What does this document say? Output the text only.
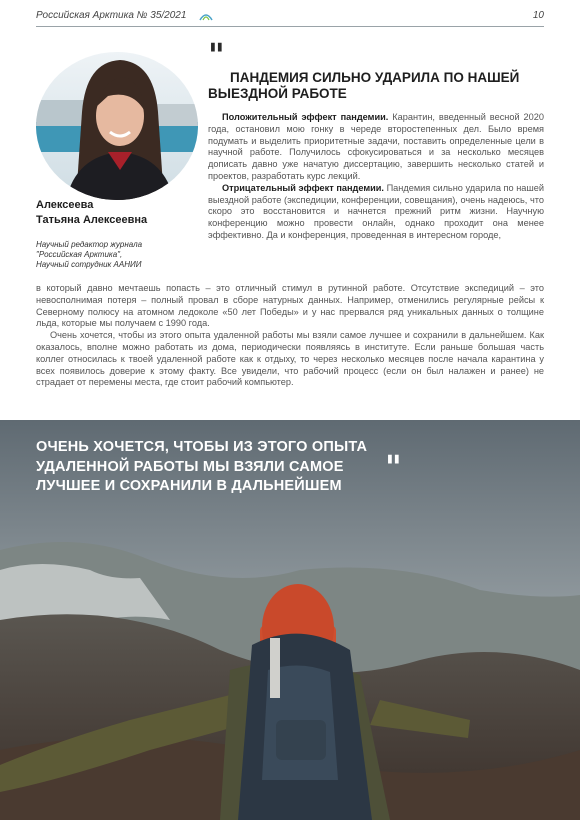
Российская Арктика № 35/2021	10
Алексеева
Татьяна Алексеевна
Научный редактор журнала
"Российская Арктика",
Научный сотрудник ААНИИ
"
ПАНДЕМИЯ СИЛЬНО УДАРИЛА ПО НАШЕЙ ВЫЕЗДНОЙ РАБОТЕ

Положительный эффект пандемии. Карантин, введенный весной 2020 года, остановил мою гонку в череде второстепенных дел. Было время подумать и выделить приоритетные задачи, поставить определенные цели в научной работе. Получилось сфокусироваться и за несколько месяцев дописать давно уже начатую диссертацию, завершить несколько статей и проектов, разработать курс лекций.

Отрицательный эффект пандемии. Пандемия сильно ударила по нашей выездной работе (экспедиции, конференции, совещания), очень надеюсь, что скоро это восстановится и начнется прежний ритм жизни. Научную конференцию можно провести онлайн, однако проходит она менее эффективно. Да и конференция, проведенная в интересном городе,

в который давно мечтаешь попасть – это отличный стимул в рутинной работе. Отсутствие экспедиций – это невосполнимая потеря – полный провал в сборе натурных данных. Например, отменились регулярные рейсы к Северному полюсу на атомном ледоколе «50 лет Победы» и у нас прервался ряд уникальных данных о толщине льда, которые мы получаем с 1990 года.

Очень хочется, чтобы из этого опыта удаленной работы мы взяли самое лучшее и сохранили в дальнейшем. Как оказалось, вполне можно работать из дома, периодически появляясь в институте. Если раньше большая часть коллег относилась к твоей удаленной работе как к отдыху, то через несколько месяцев после начала карантина у всех появилось доверие к этому факту. Все увидели, что рабочий процесс (если он был налажен и ранее) не страдает от перемены места, где стоит рабочий компьютер.

ОЧЕНЬ ХОЧЕТСЯ, ЧТОБЫ ИЗ ЭТОГО ОПЫТА УДАЛЕННОЙ РАБОТЫ МЫ ВЗЯЛИ САМОЕ ЛУЧШЕЕ И СОХРАНИЛИ В ДАЛЬНЕЙШЕМ	"
